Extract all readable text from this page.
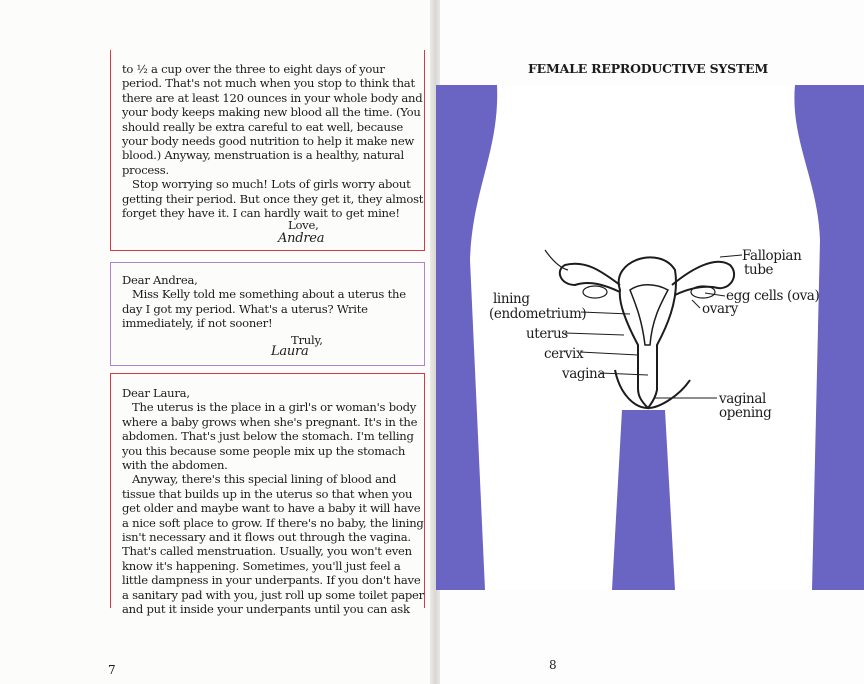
to ½ a cup over the three to eight days of your period. That's not much when you stop to think that there are at least 120 ounces in your whole body and your body keeps making new blood all the time. (You should really be extra careful to eat well, because your body needs good nutrition to help it make new blood.) Anyway, menstruation is a healthy, natural process.

Stop worrying so much! Lots of girls worry about getting their period. But once they get it, they almost forget they have it. I can hardly wait to get mine!

Love,
Andrea

Dear Andrea,

Miss Kelly told me something about a uterus the day I got my period. What's a uterus? Write immediately, if not sooner!

Truly,
Laura

Dear Laura,

The uterus is the place in a girl's or woman's body where a baby grows when she's pregnant. It's in the abdomen. That's just below the stomach. I'm telling you this because some people mix up the stomach with the abdomen.

Anyway, there's this special lining of blood and tissue that builds up in the uterus so that when you get older and maybe want to have a baby it will have a nice soft place to grow. If there's no baby, the lining isn't necessary and it flows out through the vagina. That's called menstruation. Usually, you won't even know it's happening. Sometimes, you'll just feel a little dampness in your underpants. If you don't have a sanitary pad with you, just roll up some toilet paper and put it inside your underpants until you can ask

7
FEMALE REPRODUCTIVE SYSTEM
Fallopian
tube
egg cells (ova)
ovary
lining
(endometrium)
uterus
cervix
vagina
vaginal
opening
8
